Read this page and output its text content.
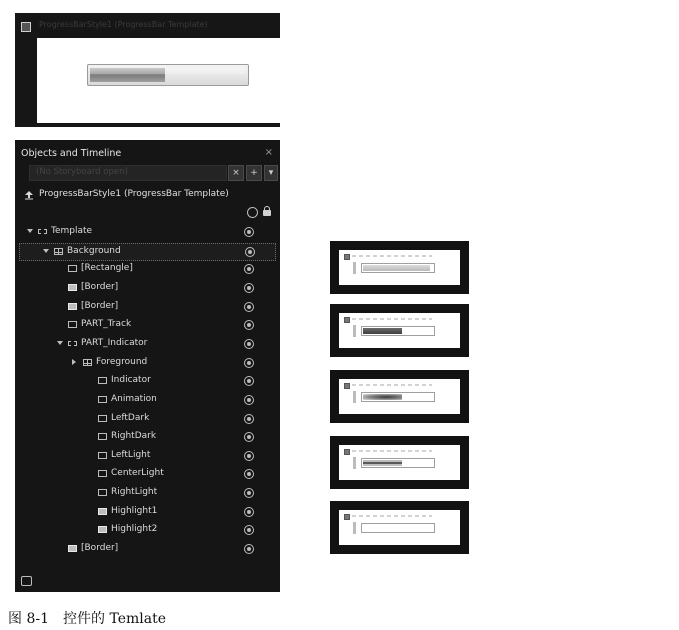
ProgressBarStyle1 (ProgressBar Template)
Objects and Timeline	×
(No Storyboard open)	×	+	▾
ProgressBarStyle1 (ProgressBar Template)
Template
Background
[Rectangle]
[Border]
[Border]
PART_Track
PART_Indicator
Foreground
Indicator
Animation
LeftDark
RightDark
LeftLight
CenterLight
RightLight
Highlight1
Highlight2
[Border]
图 8-1 控件的 Temlate
